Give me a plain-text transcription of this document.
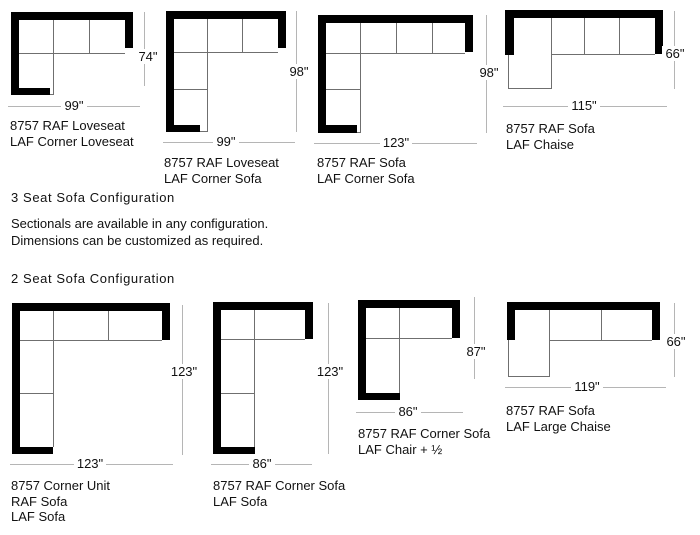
3 Seat Sofa Configuration
Sectionals are available in any configuration.
Dimensions can be customized as required.
2 Seat Sofa Configuration
99"
74"
99"
98"
123"
98"
115"
66"
123"
123"
86"
123"
86"
87"
119"
66"
8757 RAF Loveseat
LAF Corner Loveseat
8757 RAF Loveseat
LAF Corner Sofa
8757 RAF Sofa
LAF Corner Sofa
8757 RAF Sofa
LAF Chaise
8757 Corner Unit
RAF Sofa
LAF Sofa
8757 RAF Corner Sofa
LAF Sofa
8757 RAF Corner Sofa
LAF Chair + ½
8757 RAF Sofa
LAF Large Chaise
